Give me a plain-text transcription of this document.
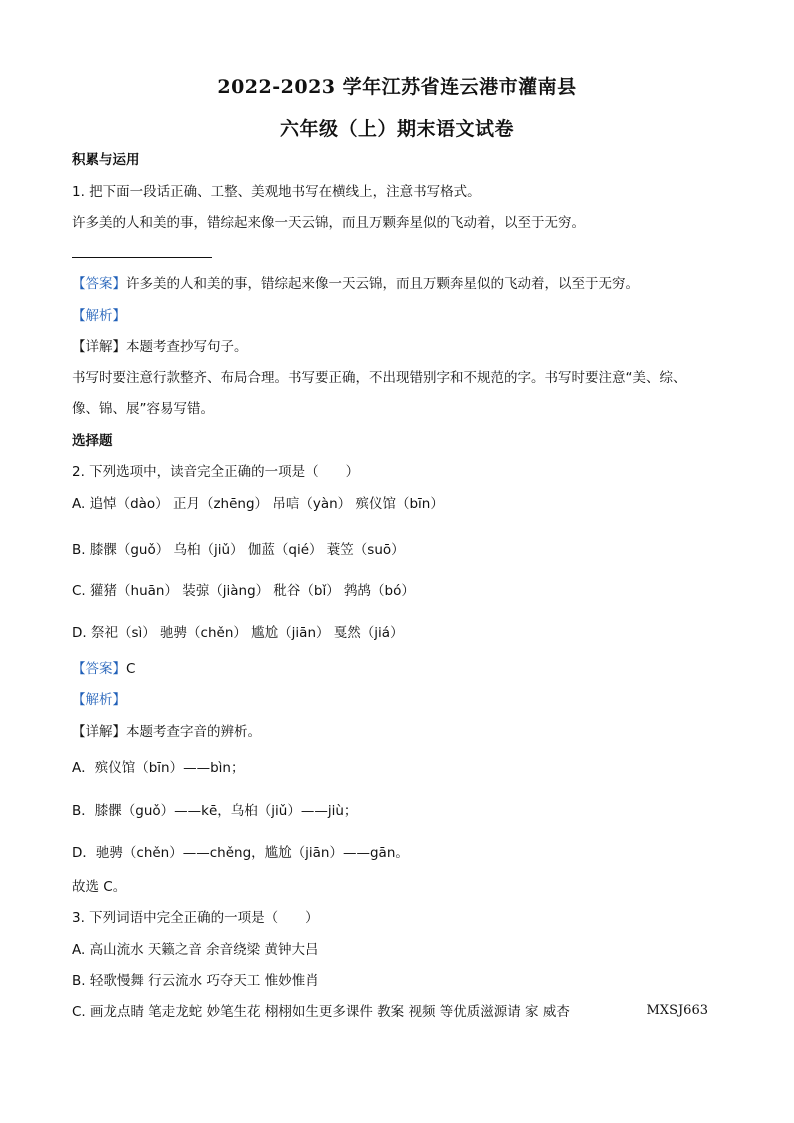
2022-2023 学年江苏省连云港市灌南县
六年级（上）期末语文试卷
积累与运用
1. 把下面一段话正确、工整、美观地书写在横线上，注意书写格式。
许多美的人和美的事，错综起来像一天云锦，而且万颗奔星似的飞动着，以至于无穷。
【答案】许多美的人和美的事，错综起来像一天云锦，而且万颗奔星似的飞动着，以至于无穷。
【解析】
【详解】本题考查抄写句子。
书写时要注意行款整齐、布局合理。书写要正确，不出现错别字和不规范的字。书写时要注意“美、综、
像、锦、展”容易写错。
选择题
2. 下列选项中，读音完全正确的一项是（　　）
A. 追悼（dào） 正月（zhēng） 吊唁（yàn） 殡仪馆（bīn）
B. 膝髁（guǒ） 乌桕（jiǔ） 伽蓝（qié） 蓑笠（suō）
C. 獾猪（huān） 装弶（jiàng） 秕谷（bǐ） 鹁鸪（bó）
D. 祭祀（sì） 驰骋（chěn） 尴尬（jiān） 戛然（jiá）
【答案】C
【解析】
【详解】本题考查字音的辨析。
A．殡仪馆（bīn）——bìn；
B．膝髁（guǒ）——kē，乌桕（jiǔ）——jiù；
D．驰骋（chěn）——chěng，尴尬（jiān）——gān。
故选 C。
3. 下列词语中完全正确的一项是（　　）
A. 高山流水 天籁之音 余音绕梁 黄钟大吕
B. 轻歌慢舞 行云流水 巧夺天工 惟妙惟肖
C. 画龙点睛 笔走龙蛇 妙笔生花 栩栩如生更多课件 教案 视频 等优质滋源请 家 威杏	MXSJ663
